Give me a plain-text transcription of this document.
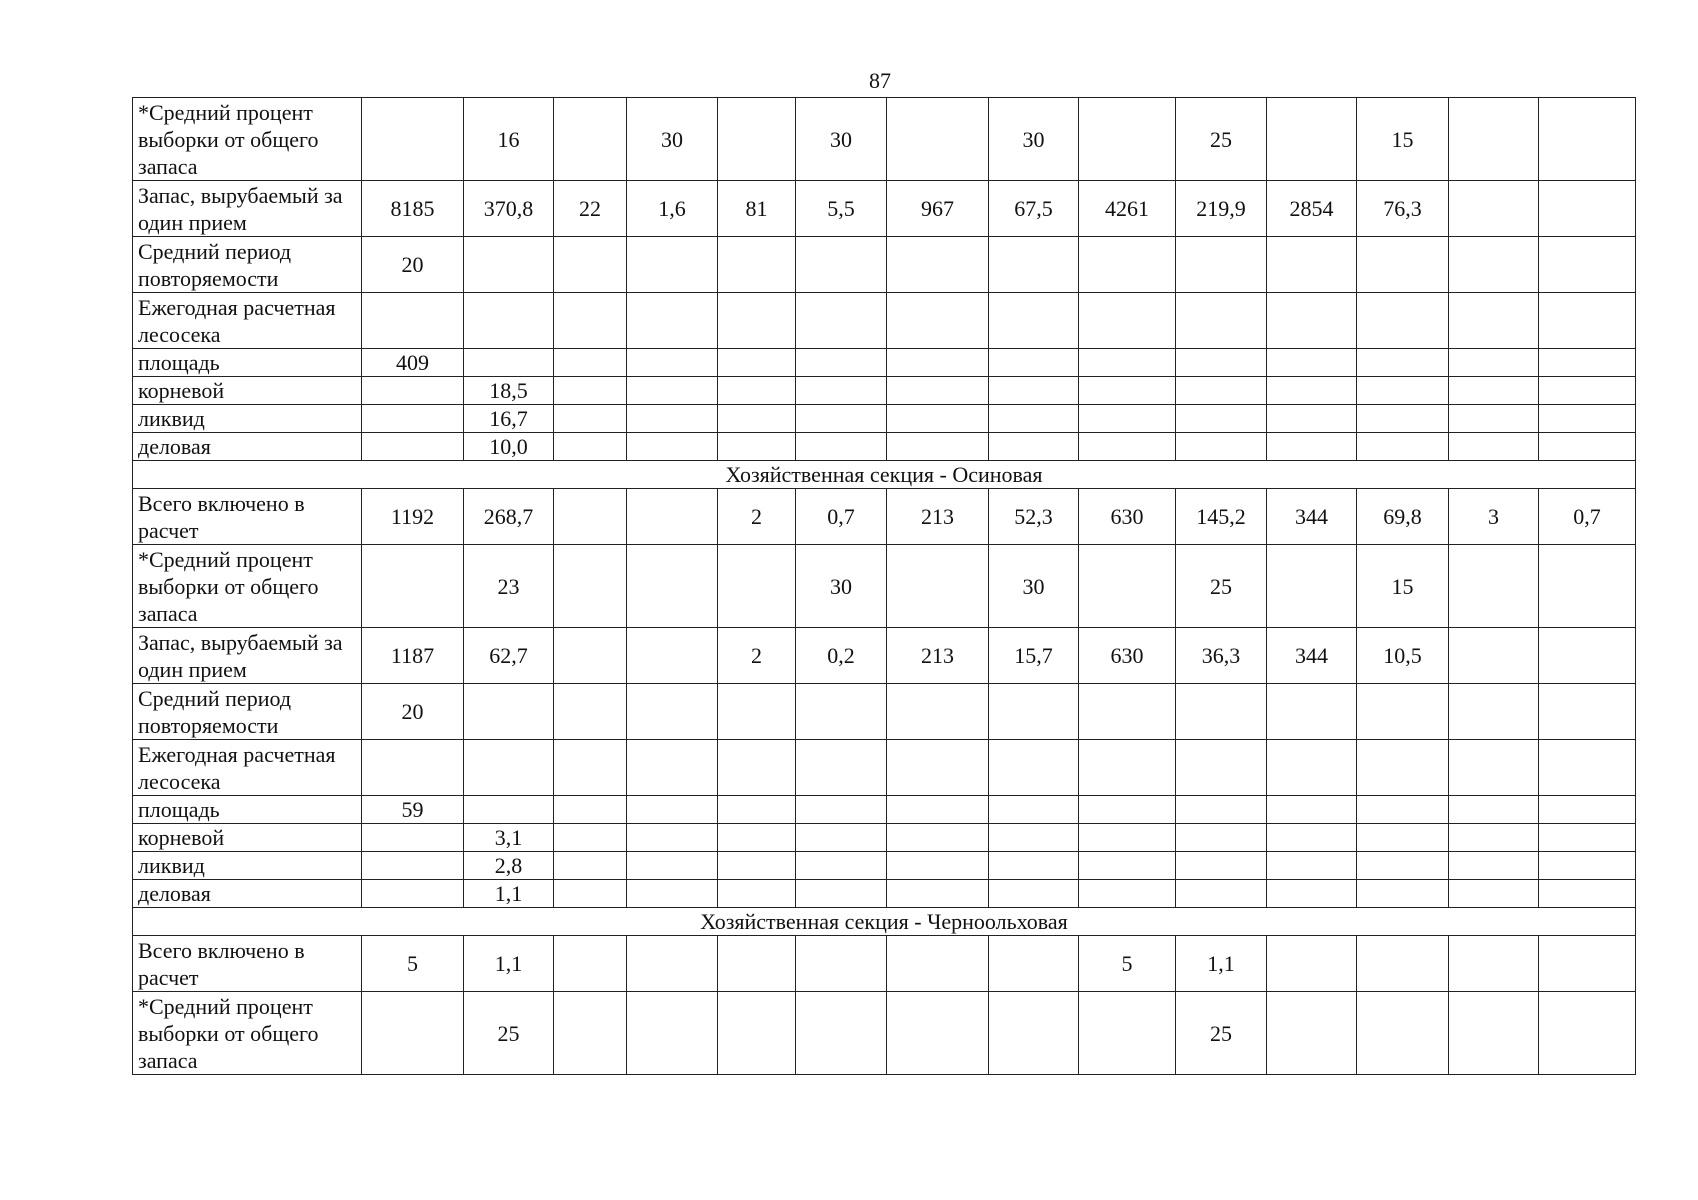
87
*Средний процент выборки от общего запаса		16		30		30		30		25		15		
Запас, вырубаемый за один прием	8185	370,8	22	1,6	81	5,5	967	67,5	4261	219,9	2854	76,3		
Средний период повторяемости	20													
Ежегодная расчетная лесосека														
площадь	409													
корневой		18,5												
ликвид		16,7												
деловая		10,0												
Хозяйственная секция - Осиновая														
Всего включено в расчет	1192	268,7			2	0,7	213	52,3	630	145,2	344	69,8	3	0,7
*Средний процент выборки от общего запаса		23				30		30		25		15		
Запас, вырубаемый за один прием	1187	62,7			2	0,2	213	15,7	630	36,3	344	10,5		
Средний период повторяемости	20													
Ежегодная расчетная лесосека														
площадь	59													
корневой		3,1												
ликвид		2,8												
деловая		1,1												
Хозяйственная секция - Черноольховая														
Всего включено в расчет	5	1,1							5	1,1				
*Средний процент выборки от общего запаса		25								25				
